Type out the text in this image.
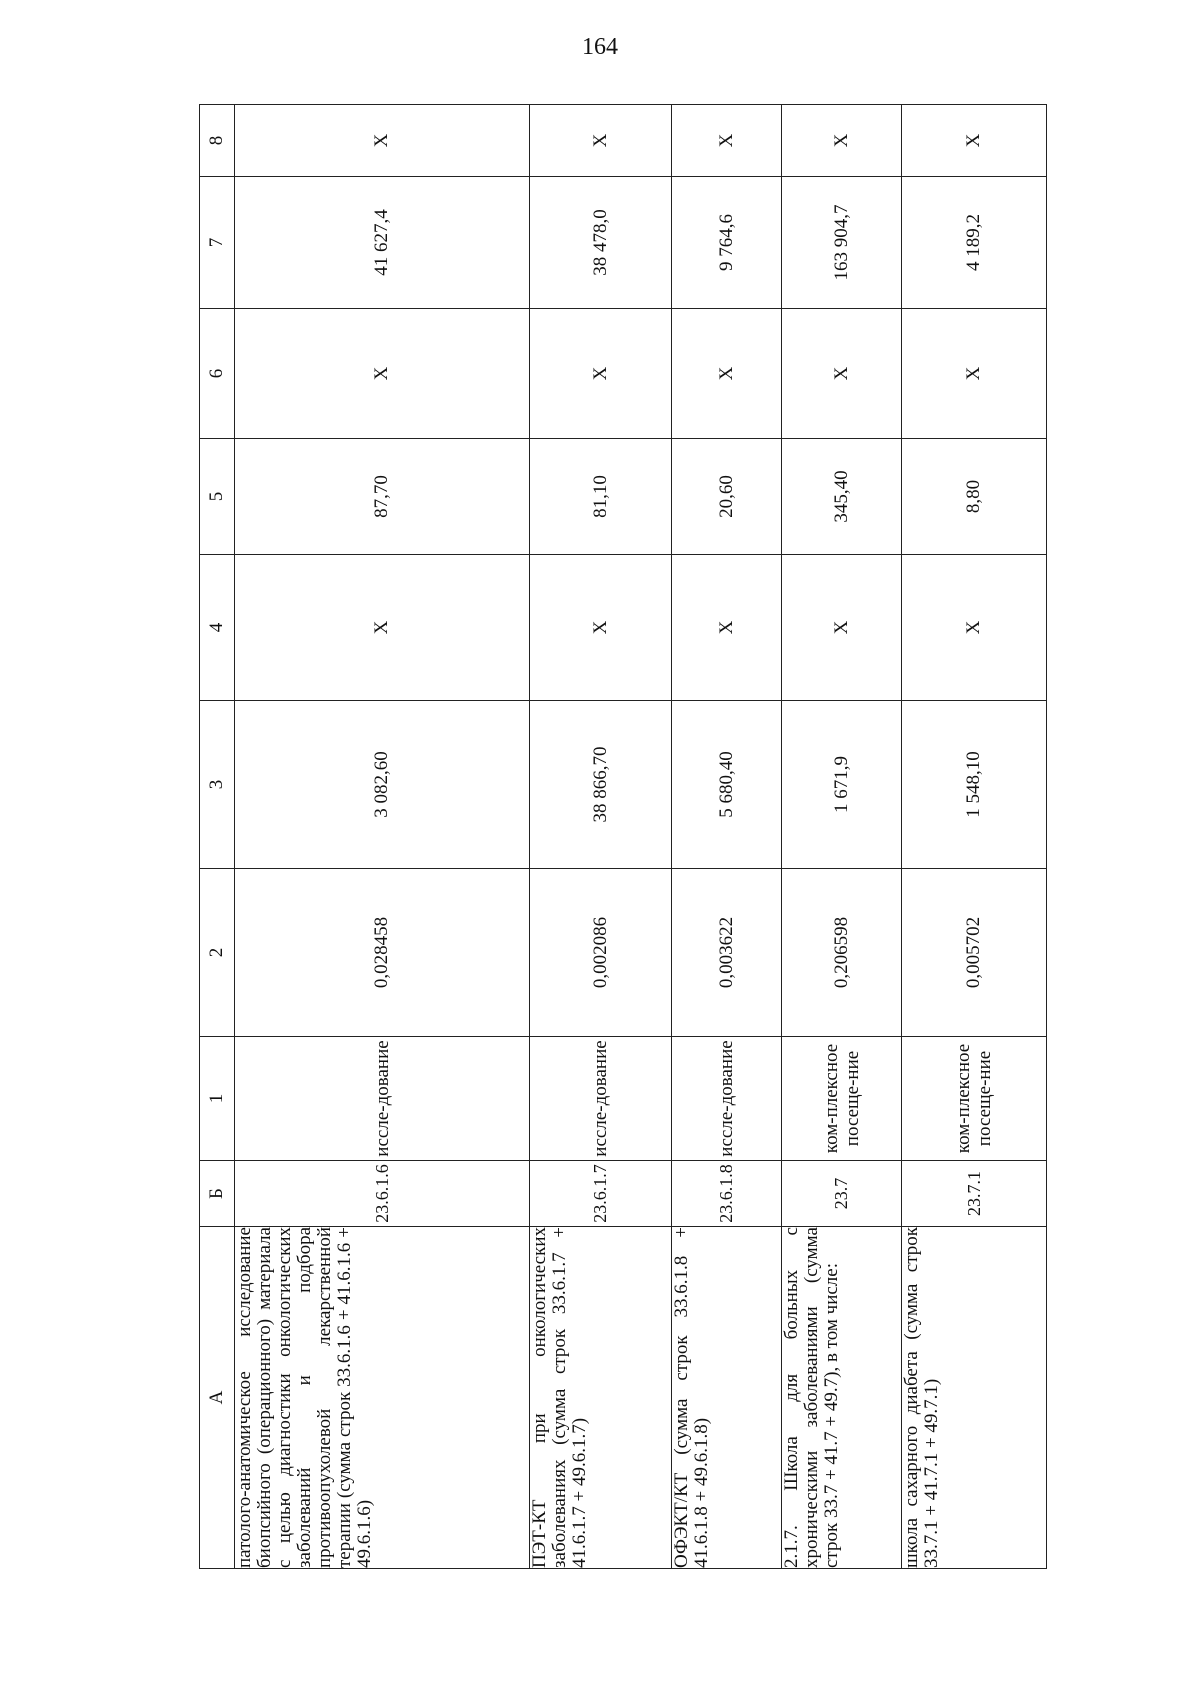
164
А	Б	1	2	3	4	5	6	7	8
патолого-анатомическое исследование биопсийного (операционного) материала с целью диагностики онкологических заболеваний и подбора противоопухолевой лекарственной терапии (сумма строк 33.6.1.6 + 41.6.1.6 + 49.6.1.6)	23.6.1.6	иссле-дование	0,028458	3 082,60	Х	87,70	Х	41 627,4	Х
ПЭТ-КТ при онкологических заболеваниях (сумма строк 33.6.1.7 + 41.6.1.7 + 49.6.1.7)	23.6.1.7	иссле-дование	0,002086	38 866,70	Х	81,10	Х	38 478,0	Х
ОФЭКТ/КТ (сумма строк 33.6.1.8 + 41.6.1.8 + 49.6.1.8)	23.6.1.8	иссле-дование	0,003622	5 680,40	Х	20,60	Х	9 764,6	Х
2.1.7. Школа для больных с хроническими заболеваниями (сумма строк 33.7 + 41.7 + 49.7), в том числе:	23.7	ком-плексное посеще-ние	0,206598	1 671,9	Х	345,40	Х	163 904,7	Х
школа сахарного диабета (сумма строк 33.7.1 + 41.7.1 + 49.7.1)	23.7.1	ком-плексное посеще-ние	0,005702	1 548,10	Х	8,80	Х	4 189,2	Х
